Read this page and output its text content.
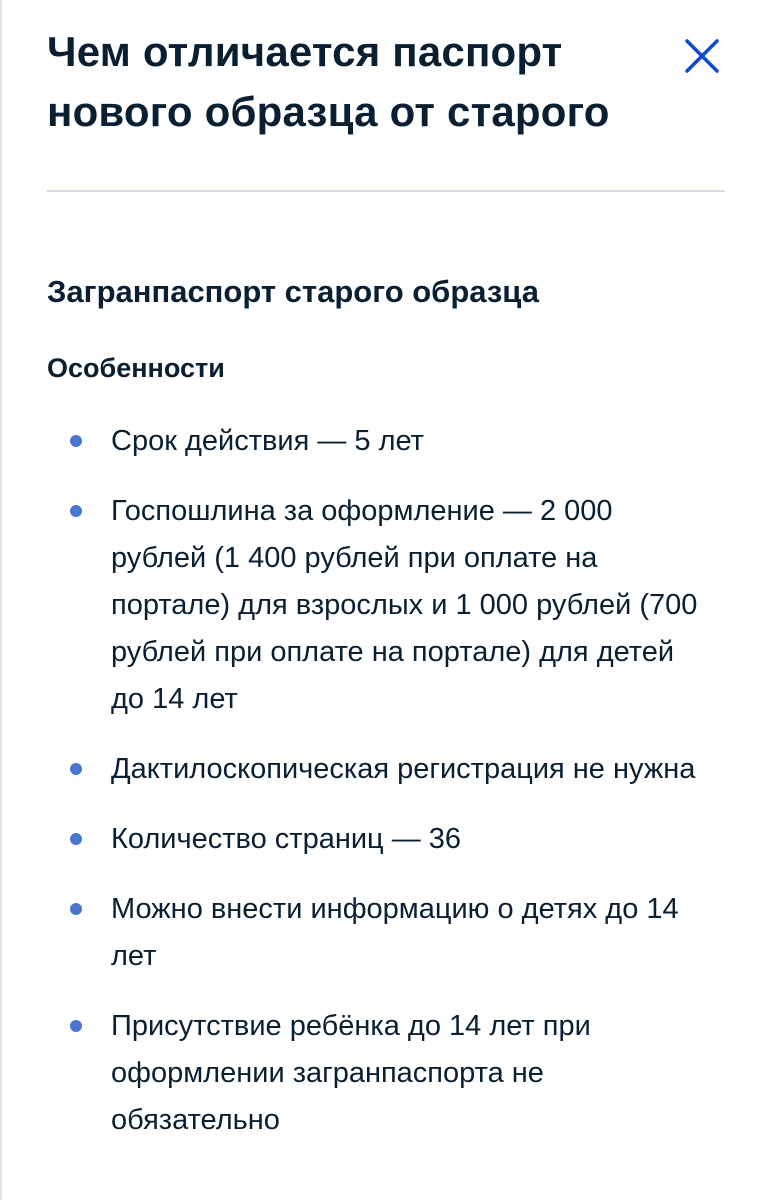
Чем отличается паспорт нового образца от старого
Загранпаспорт старого образца
Особенности
Срок действия — 5 лет
Госпошлина за оформление — 2 000 рублей (1 400 рублей при оплате на портале) для взрослых и 1 000 рублей (700 рублей при оплате на портале) для детей до 14 лет
Дактилоскопическая регистрация не нужна
Количество страниц — 36
Можно внести информацию о детях до 14 лет
Присутствие ребёнка до 14 лет при оформлении загранпаспорта не обязательно
